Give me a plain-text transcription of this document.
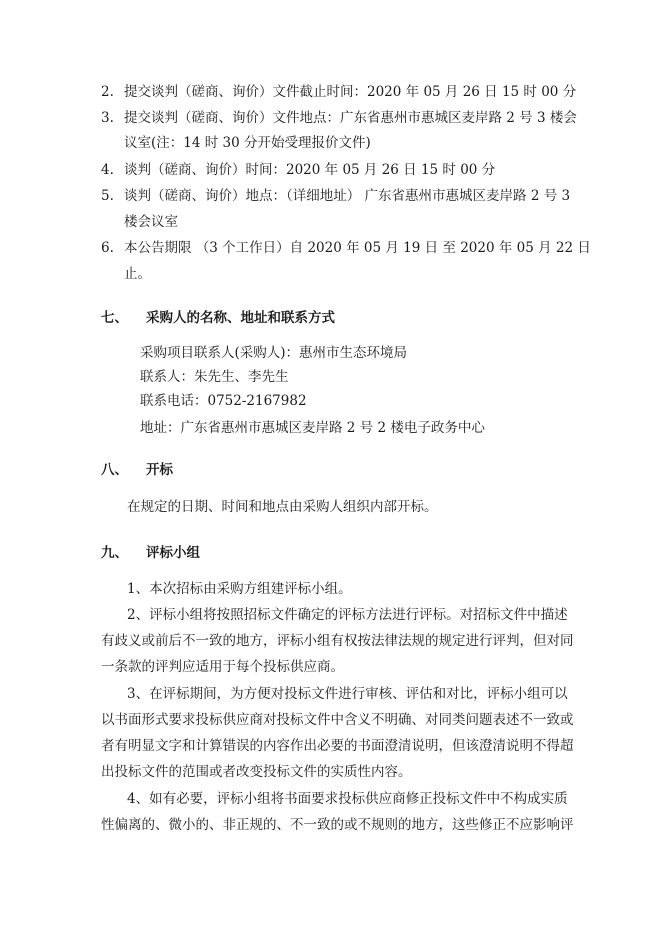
2. 提交谈判（磋商、询价）文件截止时间：2020 年 05 月 26 日 15 时 00 分
3. 提交谈判（磋商、询价）文件地点：广东省惠州市惠城区麦岸路 2 号 3 楼会
议室(注：14 时 30 分开始受理报价文件)
4. 谈判（磋商、询价）时间：2020 年 05 月 26 日 15 时 00 分
5. 谈判（磋商、询价）地点：（详细地址） 广东省惠州市惠城区麦岸路 2 号 3
楼会议室
6. 本公告期限 （3 个工作日）自 2020 年 05 月 19 日 至 2020 年 05 月 22 日
止。
七、 采购人的名称、地址和联系方式
采购项目联系人(采购人)：惠州市生态环境局
联系人：朱先生、李先生
联系电话：0752-2167982
地址：广东省惠州市惠城区麦岸路 2 号 2 楼电子政务中心
八、 开标
在规定的日期、时间和地点由采购人组织内部开标。
九、 评标小组
1、本次招标由采购方组建评标小组。
2、评标小组将按照招标文件确定的评标方法进行评标。对招标文件中描述
有歧义或前后不一致的地方，评标小组有权按法律法规的规定进行评判，但对同
一条款的评判应适用于每个投标供应商。
3、在评标期间，为方便对投标文件进行审核、评估和对比，评标小组可以
以书面形式要求投标供应商对投标文件中含义不明确、对同类问题表述不一致或
者有明显文字和计算错误的内容作出必要的书面澄清说明，但该澄清说明不得超
出投标文件的范围或者改变投标文件的实质性内容。
4、如有必要，评标小组将书面要求投标供应商修正投标文件中不构成实质
性偏离的、微小的、非正规的、不一致的或不规则的地方，这些修正不应影响评
